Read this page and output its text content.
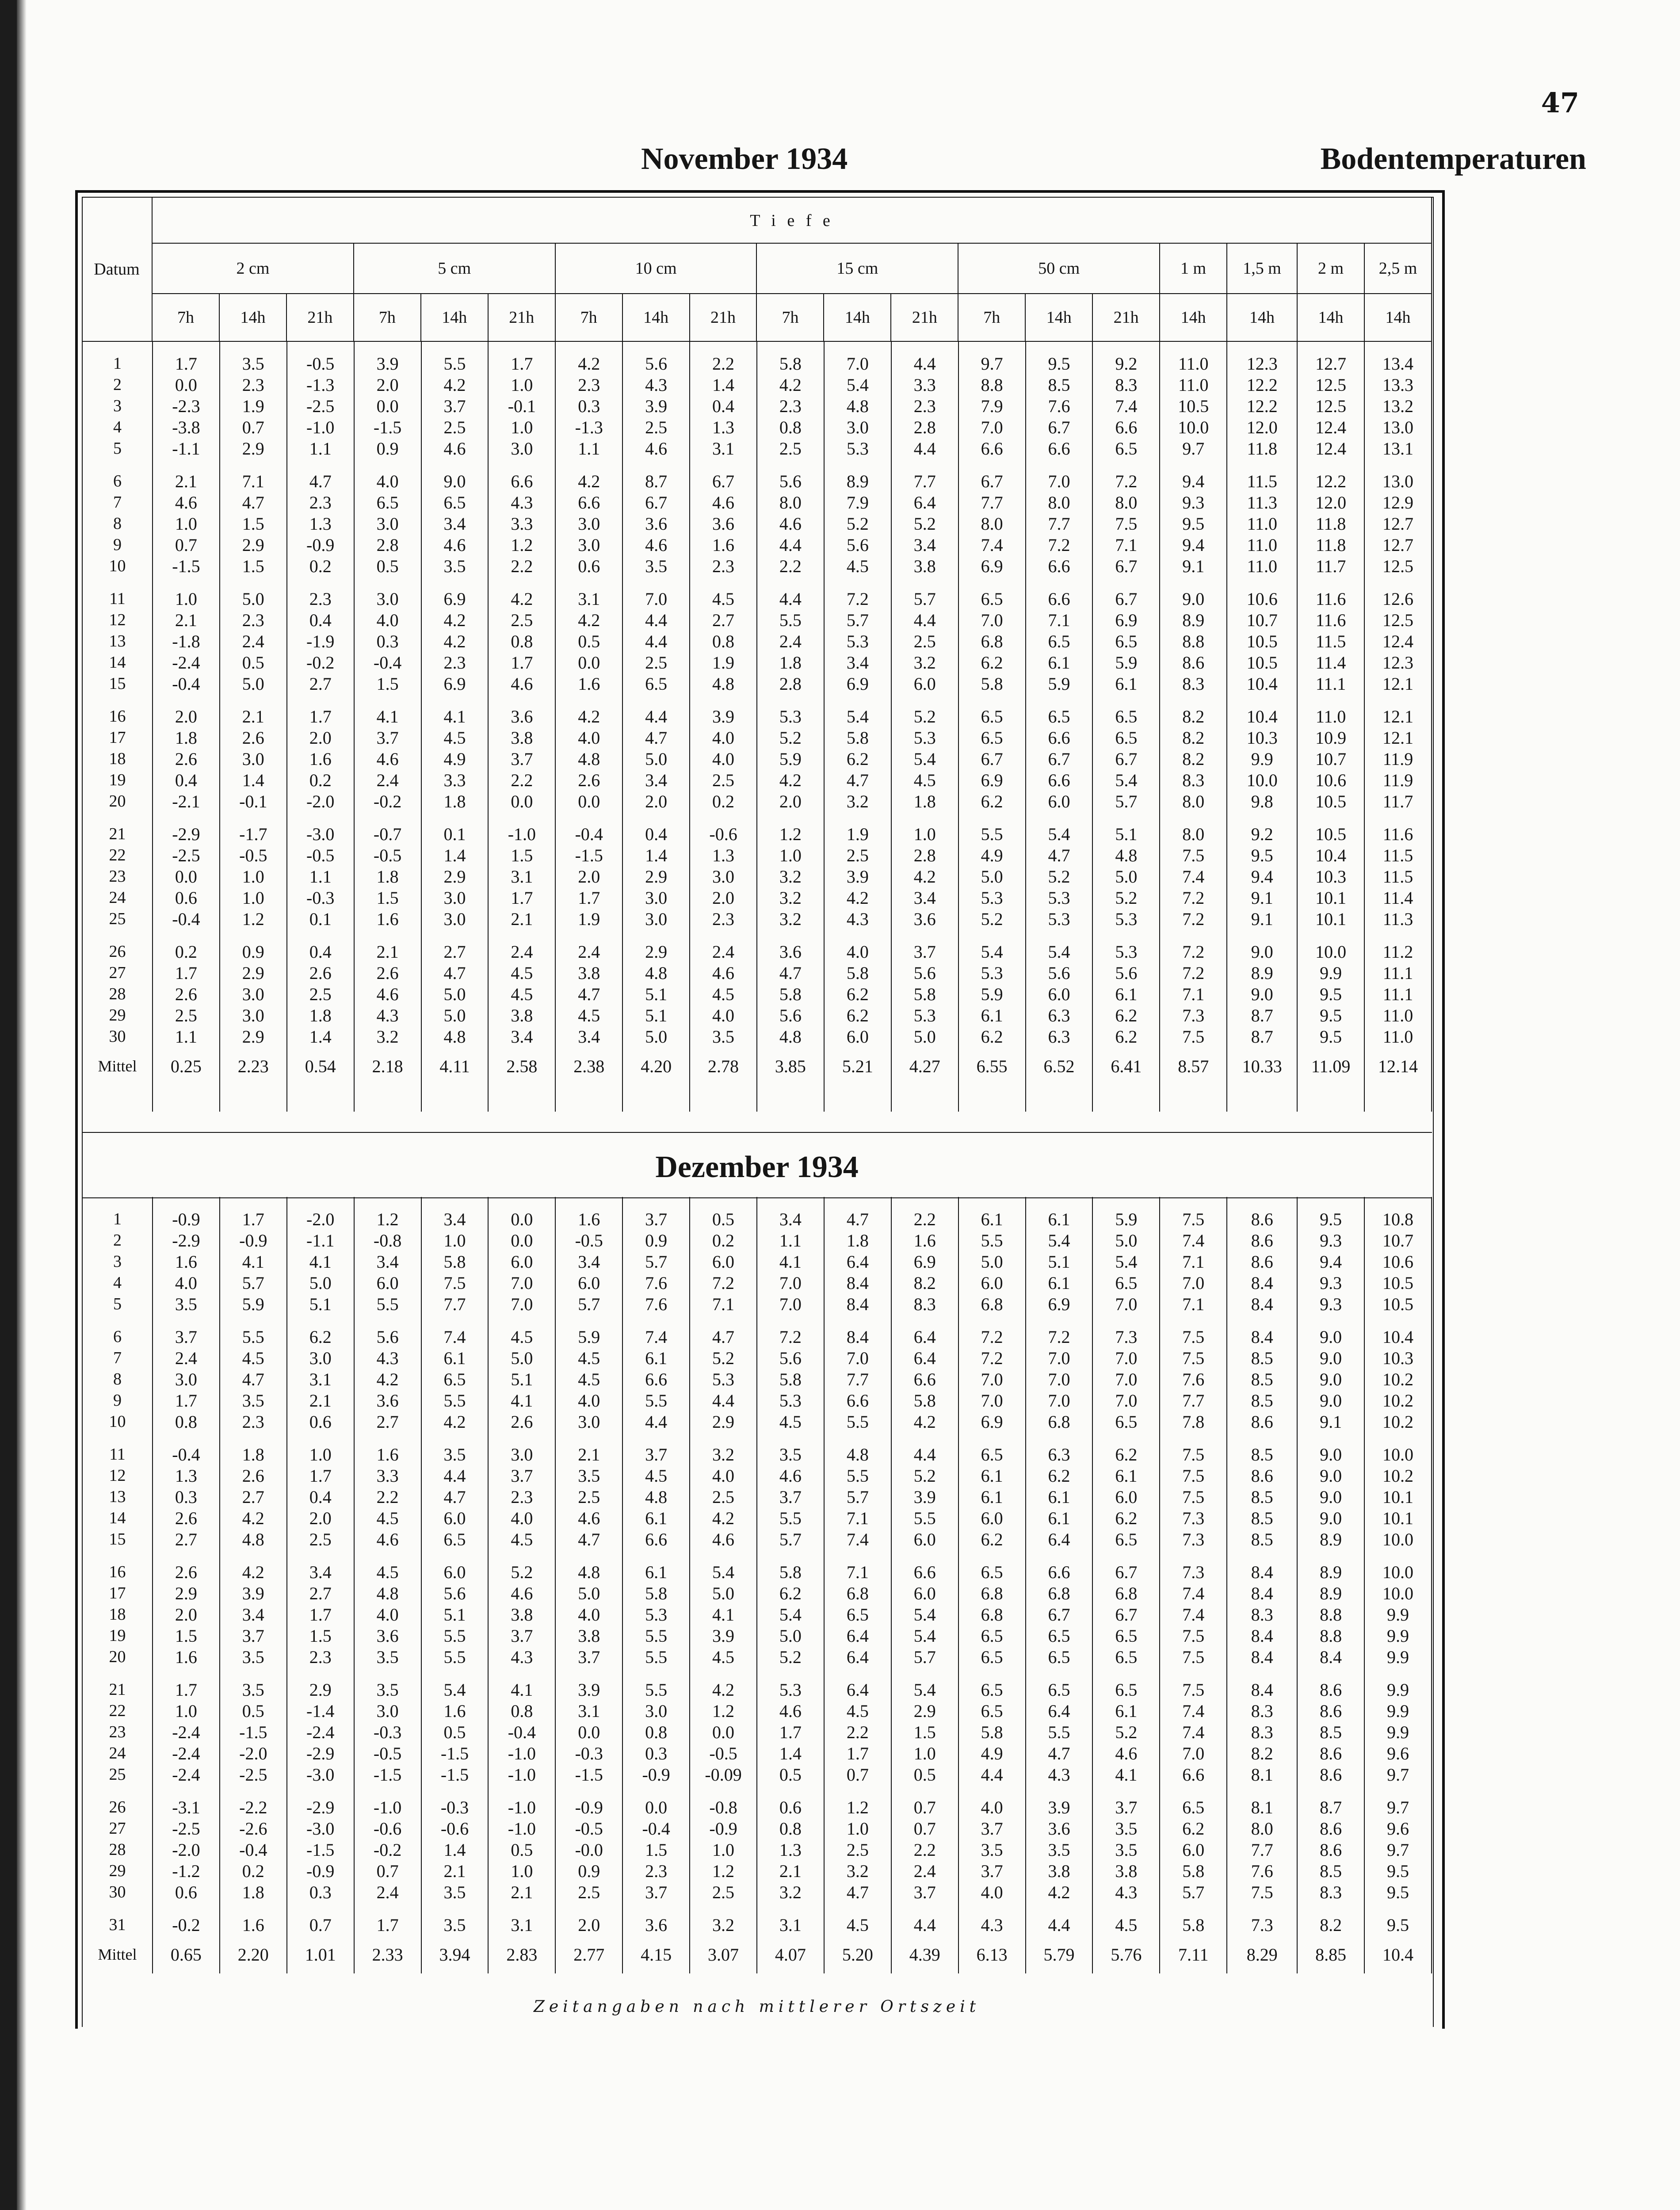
47
November 1934	Bodentemperaturen
Datum	T i e f e																		
	2 cm			5 cm			10 cm			15 cm			50 cm			1 m	1,5 m	2 m	2,5 m
	7h	14h	21h	7h	14h	21h	7h	14h	21h	7h	14h	21h	7h	14h	21h	14h	14h	14h	14h

1	1.7	3.5	-0.5	3.9	5.5	1.7	4.2	5.6	2.2	5.8	7.0	4.4	9.7	9.5	9.2	11.0	12.3	12.7	13.4
2	0.0	2.3	-1.3	2.0	4.2	1.0	2.3	4.3	1.4	4.2	5.4	3.3	8.8	8.5	8.3	11.0	12.2	12.5	13.3
3	-2.3	1.9	-2.5	0.0	3.7	-0.1	0.3	3.9	0.4	2.3	4.8	2.3	7.9	7.6	7.4	10.5	12.2	12.5	13.2
4	-3.8	0.7	-1.0	-1.5	2.5	1.0	-1.3	2.5	1.3	0.8	3.0	2.8	7.0	6.7	6.6	10.0	12.0	12.4	13.0
5	-1.1	2.9	1.1	0.9	4.6	3.0	1.1	4.6	3.1	2.5	5.3	4.4	6.6	6.6	6.5	9.7	11.8	12.4	13.1

6	2.1	7.1	4.7	4.0	9.0	6.6	4.2	8.7	6.7	5.6	8.9	7.7	6.7	7.0	7.2	9.4	11.5	12.2	13.0
7	4.6	4.7	2.3	6.5	6.5	4.3	6.6	6.7	4.6	8.0	7.9	6.4	7.7	8.0	8.0	9.3	11.3	12.0	12.9
8	1.0	1.5	1.3	3.0	3.4	3.3	3.0	3.6	3.6	4.6	5.2	5.2	8.0	7.7	7.5	9.5	11.0	11.8	12.7
9	0.7	2.9	-0.9	2.8	4.6	1.2	3.0	4.6	1.6	4.4	5.6	3.4	7.4	7.2	7.1	9.4	11.0	11.8	12.7
10	-1.5	1.5	0.2	0.5	3.5	2.2	0.6	3.5	2.3	2.2	4.5	3.8	6.9	6.6	6.7	9.1	11.0	11.7	12.5

11	1.0	5.0	2.3	3.0	6.9	4.2	3.1	7.0	4.5	4.4	7.2	5.7	6.5	6.6	6.7	9.0	10.6	11.6	12.6
12	2.1	2.3	0.4	4.0	4.2	2.5	4.2	4.4	2.7	5.5	5.7	4.4	7.0	7.1	6.9	8.9	10.7	11.6	12.5
13	-1.8	2.4	-1.9	0.3	4.2	0.8	0.5	4.4	0.8	2.4	5.3	2.5	6.8	6.5	6.5	8.8	10.5	11.5	12.4
14	-2.4	0.5	-0.2	-0.4	2.3	1.7	0.0	2.5	1.9	1.8	3.4	3.2	6.2	6.1	5.9	8.6	10.5	11.4	12.3
15	-0.4	5.0	2.7	1.5	6.9	4.6	1.6	6.5	4.8	2.8	6.9	6.0	5.8	5.9	6.1	8.3	10.4	11.1	12.1

16	2.0	2.1	1.7	4.1	4.1	3.6	4.2	4.4	3.9	5.3	5.4	5.2	6.5	6.5	6.5	8.2	10.4	11.0	12.1
17	1.8	2.6	2.0	3.7	4.5	3.8	4.0	4.7	4.0	5.2	5.8	5.3	6.5	6.6	6.5	8.2	10.3	10.9	12.1
18	2.6	3.0	1.6	4.6	4.9	3.7	4.8	5.0	4.0	5.9	6.2	5.4	6.7	6.7	6.7	8.2	9.9	10.7	11.9
19	0.4	1.4	0.2	2.4	3.3	2.2	2.6	3.4	2.5	4.2	4.7	4.5	6.9	6.6	5.4	8.3	10.0	10.6	11.9
20	-2.1	-0.1	-2.0	-0.2	1.8	0.0	0.0	2.0	0.2	2.0	3.2	1.8	6.2	6.0	5.7	8.0	9.8	10.5	11.7

21	-2.9	-1.7	-3.0	-0.7	0.1	-1.0	-0.4	0.4	-0.6	1.2	1.9	1.0	5.5	5.4	5.1	8.0	9.2	10.5	11.6
22	-2.5	-0.5	-0.5	-0.5	1.4	1.5	-1.5	1.4	1.3	1.0	2.5	2.8	4.9	4.7	4.8	7.5	9.5	10.4	11.5
23	0.0	1.0	1.1	1.8	2.9	3.1	2.0	2.9	3.0	3.2	3.9	4.2	5.0	5.2	5.0	7.4	9.4	10.3	11.5
24	0.6	1.0	-0.3	1.5	3.0	1.7	1.7	3.0	2.0	3.2	4.2	3.4	5.3	5.3	5.2	7.2	9.1	10.1	11.4
25	-0.4	1.2	0.1	1.6	3.0	2.1	1.9	3.0	2.3	3.2	4.3	3.6	5.2	5.3	5.3	7.2	9.1	10.1	11.3

26	0.2	0.9	0.4	2.1	2.7	2.4	2.4	2.9	2.4	3.6	4.0	3.7	5.4	5.4	5.3	7.2	9.0	10.0	11.2
27	1.7	2.9	2.6	2.6	4.7	4.5	3.8	4.8	4.6	4.7	5.8	5.6	5.3	5.6	5.6	7.2	8.9	9.9	11.1
28	2.6	3.0	2.5	4.6	5.0	4.5	4.7	5.1	4.5	5.8	6.2	5.8	5.9	6.0	6.1	7.1	9.0	9.5	11.1
29	2.5	3.0	1.8	4.3	5.0	3.8	4.5	5.1	4.0	5.6	6.2	5.3	6.1	6.3	6.2	7.3	8.7	9.5	11.0
30	1.1	2.9	1.4	3.2	4.8	3.4	3.4	5.0	3.5	4.8	6.0	5.0	6.2	6.3	6.2	7.5	8.7	9.5	11.0
Mittel	0.25	2.23	0.54	2.18	4.11	2.58	2.38	4.20	2.78	3.85	5.21	4.27	6.55	6.52	6.41	8.57	10.33	11.09	12.14

Dezember 1934

1	-0.9	1.7	-2.0	1.2	3.4	0.0	1.6	3.7	0.5	3.4	4.7	2.2	6.1	6.1	5.9	7.5	8.6	9.5	10.8
2	-2.9	-0.9	-1.1	-0.8	1.0	0.0	-0.5	0.9	0.2	1.1	1.8	1.6	5.5	5.4	5.0	7.4	8.6	9.3	10.7
3	1.6	4.1	4.1	3.4	5.8	6.0	3.4	5.7	6.0	4.1	6.4	6.9	5.0	5.1	5.4	7.1	8.6	9.4	10.6
4	4.0	5.7	5.0	6.0	7.5	7.0	6.0	7.6	7.2	7.0	8.4	8.2	6.0	6.1	6.5	7.0	8.4	9.3	10.5
5	3.5	5.9	5.1	5.5	7.7	7.0	5.7	7.6	7.1	7.0	8.4	8.3	6.8	6.9	7.0	7.1	8.4	9.3	10.5

6	3.7	5.5	6.2	5.6	7.4	4.5	5.9	7.4	4.7	7.2	8.4	6.4	7.2	7.2	7.3	7.5	8.4	9.0	10.4
7	2.4	4.5	3.0	4.3	6.1	5.0	4.5	6.1	5.2	5.6	7.0	6.4	7.2	7.0	7.0	7.5	8.5	9.0	10.3
8	3.0	4.7	3.1	4.2	6.5	5.1	4.5	6.6	5.3	5.8	7.7	6.6	7.0	7.0	7.0	7.6	8.5	9.0	10.2
9	1.7	3.5	2.1	3.6	5.5	4.1	4.0	5.5	4.4	5.3	6.6	5.8	7.0	7.0	7.0	7.7	8.5	9.0	10.2
10	0.8	2.3	0.6	2.7	4.2	2.6	3.0	4.4	2.9	4.5	5.5	4.2	6.9	6.8	6.5	7.8	8.6	9.1	10.2

11	-0.4	1.8	1.0	1.6	3.5	3.0	2.1	3.7	3.2	3.5	4.8	4.4	6.5	6.3	6.2	7.5	8.5	9.0	10.0
12	1.3	2.6	1.7	3.3	4.4	3.7	3.5	4.5	4.0	4.6	5.5	5.2	6.1	6.2	6.1	7.5	8.6	9.0	10.2
13	0.3	2.7	0.4	2.2	4.7	2.3	2.5	4.8	2.5	3.7	5.7	3.9	6.1	6.1	6.0	7.5	8.5	9.0	10.1
14	2.6	4.2	2.0	4.5	6.0	4.0	4.6	6.1	4.2	5.5	7.1	5.5	6.0	6.1	6.2	7.3	8.5	9.0	10.1
15	2.7	4.8	2.5	4.6	6.5	4.5	4.7	6.6	4.6	5.7	7.4	6.0	6.2	6.4	6.5	7.3	8.5	8.9	10.0

16	2.6	4.2	3.4	4.5	6.0	5.2	4.8	6.1	5.4	5.8	7.1	6.6	6.5	6.6	6.7	7.3	8.4	8.9	10.0
17	2.9	3.9	2.7	4.8	5.6	4.6	5.0	5.8	5.0	6.2	6.8	6.0	6.8	6.8	6.8	7.4	8.4	8.9	10.0
18	2.0	3.4	1.7	4.0	5.1	3.8	4.0	5.3	4.1	5.4	6.5	5.4	6.8	6.7	6.7	7.4	8.3	8.8	9.9
19	1.5	3.7	1.5	3.6	5.5	3.7	3.8	5.5	3.9	5.0	6.4	5.4	6.5	6.5	6.5	7.5	8.4	8.8	9.9
20	1.6	3.5	2.3	3.5	5.5	4.3	3.7	5.5	4.5	5.2	6.4	5.7	6.5	6.5	6.5	7.5	8.4	8.4	9.9

21	1.7	3.5	2.9	3.5	5.4	4.1	3.9	5.5	4.2	5.3	6.4	5.4	6.5	6.5	6.5	7.5	8.4	8.6	9.9
22	1.0	0.5	-1.4	3.0	1.6	0.8	3.1	3.0	1.2	4.6	4.5	2.9	6.5	6.4	6.1	7.4	8.3	8.6	9.9
23	-2.4	-1.5	-2.4	-0.3	0.5	-0.4	0.0	0.8	0.0	1.7	2.2	1.5	5.8	5.5	5.2	7.4	8.3	8.5	9.9
24	-2.4	-2.0	-2.9	-0.5	-1.5	-1.0	-0.3	0.3	-0.5	1.4	1.7	1.0	4.9	4.7	4.6	7.0	8.2	8.6	9.6
25	-2.4	-2.5	-3.0	-1.5	-1.5	-1.0	-1.5	-0.9	-0.09	0.5	0.7	0.5	4.4	4.3	4.1	6.6	8.1	8.6	9.7

26	-3.1	-2.2	-2.9	-1.0	-0.3	-1.0	-0.9	0.0	-0.8	0.6	1.2	0.7	4.0	3.9	3.7	6.5	8.1	8.7	9.7
27	-2.5	-2.6	-3.0	-0.6	-0.6	-1.0	-0.5	-0.4	-0.9	0.8	1.0	0.7	3.7	3.6	3.5	6.2	8.0	8.6	9.6
28	-2.0	-0.4	-1.5	-0.2	1.4	0.5	-0.0	1.5	1.0	1.3	2.5	2.2	3.5	3.5	3.5	6.0	7.7	8.6	9.7
29	-1.2	0.2	-0.9	0.7	2.1	1.0	0.9	2.3	1.2	2.1	3.2	2.4	3.7	3.8	3.8	5.8	7.6	8.5	9.5
30	0.6	1.8	0.3	2.4	3.5	2.1	2.5	3.7	2.5	3.2	4.7	3.7	4.0	4.2	4.3	5.7	7.5	8.3	9.5

31	-0.2	1.6	0.7	1.7	3.5	3.1	2.0	3.6	3.2	3.1	4.5	4.4	4.3	4.4	4.5	5.8	7.3	8.2	9.5
Mittel	0.65	2.20	1.01	2.33	3.94	2.83	2.77	4.15	3.07	4.07	5.20	4.39	6.13	5.79	5.76	7.11	8.29	8.85	10.4
Zeitangaben nach mittlerer Ortszeit
